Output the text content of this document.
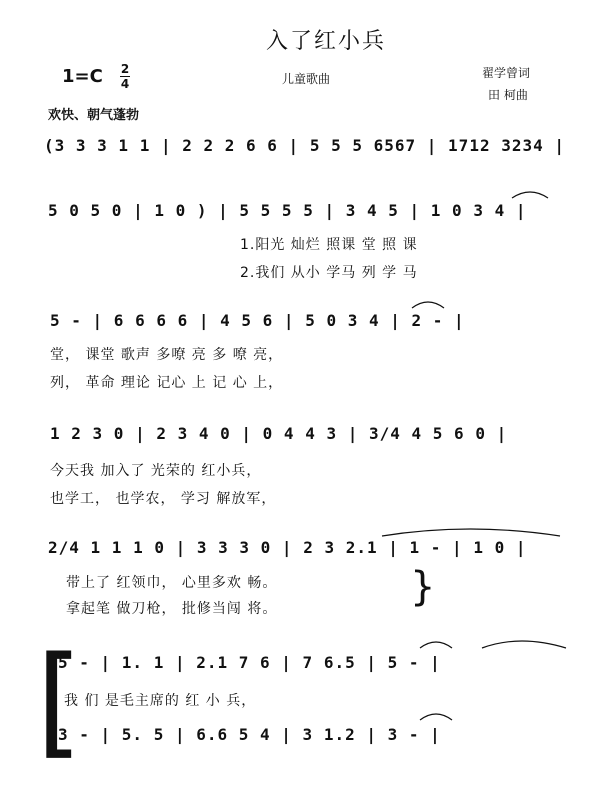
入了红小兵
1=C 2
4	儿童歌曲	翟学曾词
田 柯曲
欢快、朝气蓬勃
(3 3 3 1 1 | 2 2 2 6 6 | 5 5 5 6567 | 1712 3234 |
5 0 5 0 | 1 0 ) | 5 5 5 5 | 3 4 5 | 1 0 3 4 |
1.阳光 灿烂 照课 堂 照 课
2.我们 从小 学马 列 学 马
5 - | 6 6 6 6 | 4 5 6 | 5 0 3 4 | 2 - |
堂， 课堂 歌声 多嘹 亮 多 嘹 亮，
列， 革命 理论 记心 上 记 心 上，
1 2 3 0 | 2 3 4 0 | 0 4 4 3 | 3/4 4 5 6 0 |
今天我 加入了 光荣的 红小兵，
也学工， 也学农， 学习 解放军，
2/4 1 1 1 0 | 3 3 3 0 | 2 3 2.1 | 1 - | 1 0 |
带上了 红领巾， 心里多欢 畅。
拿起笔 做刀枪， 批修当闯 将。	}
[
5 - | 1. 1 | 2.1 7 6 | 7 6.5 | 5 - |
我 们 是毛主席的 红 小 兵，
3 - | 5. 5 | 6.6 5 4 | 3 1.2 | 3 - |
